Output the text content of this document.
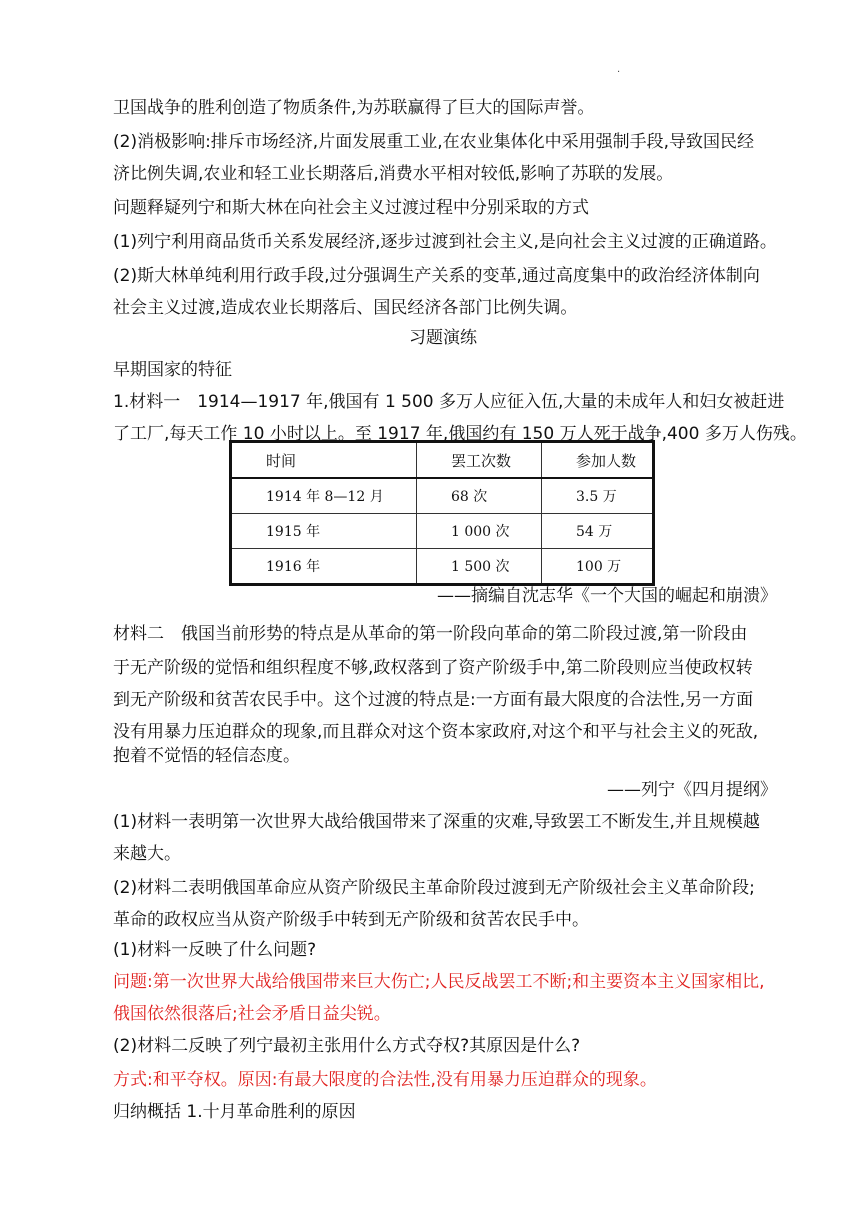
.
卫国战争的胜利创造了物质条件,为苏联赢得了巨大的国际声誉。
(2)消极影响:排斥市场经济,片面发展重工业,在农业集体化中采用强制手段,导致国民经
济比例失调,农业和轻工业长期落后,消费水平相对较低,影响了苏联的发展。
问题释疑列宁和斯大林在向社会主义过渡过程中分别采取的方式
(1)列宁利用商品货币关系发展经济,逐步过渡到社会主义,是向社会主义过渡的正确道路。
(2)斯大林单纯利用行政手段,过分强调生产关系的变革,通过高度集中的政治经济体制向
社会主义过渡,造成农业长期落后、国民经济各部门比例失调。
习题演练
早期国家的特征
1.材料一　1914—1917 年,俄国有 1 500 多万人应征入伍,大量的未成年人和妇女被赶进
了工厂,每天工作 10 小时以上。至 1917 年,俄国约有 150 万人死于战争,400 多万人伤残。
时间	罢工次数	参加人数
1914 年 8—12 月	68 次	3.5 万
1915 年	1 000 次	54 万
1916 年	1 500 次	100 万
——摘编自沈志华《一个大国的崛起和崩溃》
材料二　俄国当前形势的特点是从革命的第一阶段向革命的第二阶段过渡,第一阶段由
于无产阶级的觉悟和组织程度不够,政权落到了资产阶级手中,第二阶段则应当使政权转
到无产阶级和贫苦农民手中。这个过渡的特点是:一方面有最大限度的合法性,另一方面
没有用暴力压迫群众的现象,而且群众对这个资本家政府,对这个和平与社会主义的死敌,
抱着不觉悟的轻信态度。
——列宁《四月提纲》
(1)材料一表明第一次世界大战给俄国带来了深重的灾难,导致罢工不断发生,并且规模越
来越大。
(2)材料二表明俄国革命应从资产阶级民主革命阶段过渡到无产阶级社会主义革命阶段;
革命的政权应当从资产阶级手中转到无产阶级和贫苦农民手中。
(1)材料一反映了什么问题?
问题:第一次世界大战给俄国带来巨大伤亡;人民反战罢工不断;和主要资本主义国家相比,
俄国依然很落后;社会矛盾日益尖锐。
(2)材料二反映了列宁最初主张用什么方式夺权?其原因是什么?
方式:和平夺权。原因:有最大限度的合法性,没有用暴力压迫群众的现象。
归纳概括 1.十月革命胜利的原因
